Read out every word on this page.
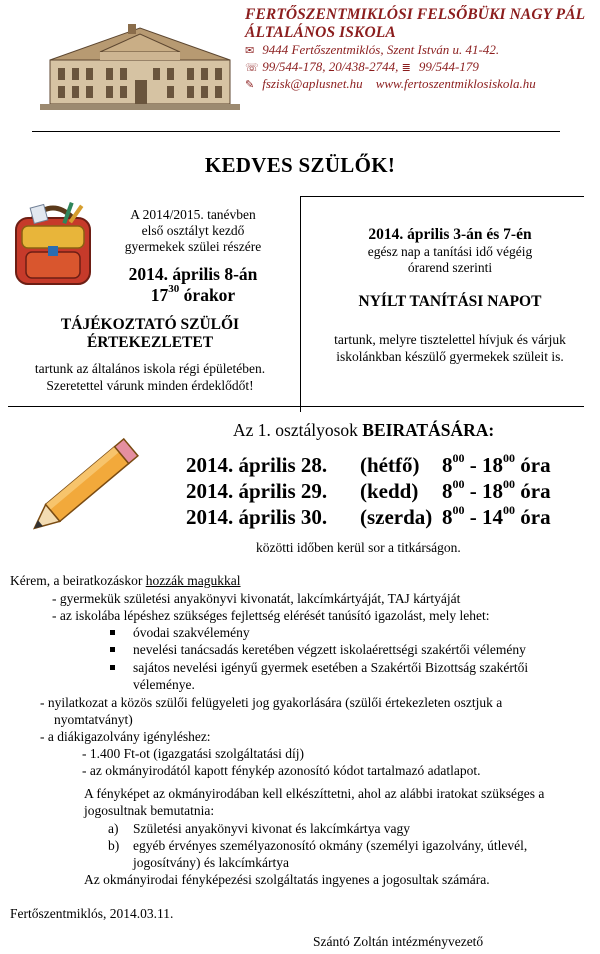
FERTŐSZENTMIKLÓSI FELSŐBÜKI NAGY PÁL
ÁLTALÁNOS ISKOLA
✉ 9444 Fertőszentmiklós, Szent István u. 41-42.
☏ 99/544-178, 20/438-2744, ≣ 99/544-179
✎ fszisk@aplusnet.hu www.fertoszentmiklosiskola.hu
KEDVES SZÜLŐK!
A 2014/2015. tanévben
első osztályt kezdő
gyermekek szülei részére
2014. április 8-án
$17^{30}$ órakor
TÁJÉKOZTATÓ SZÜLŐI
ÉRTEKEZLETET
tartunk az általános iskola régi épületében.
Szeretettel várunk minden érdeklődőt!
2014. április 3-án és 7-én
egész nap a tanítási idő végéig
órarend szerinti
NYÍLT TANÍTÁSI NAPOT
tartunk, melyre tisztelettel hívjuk és várjuk
iskolánkban készülő gyermekek szüleit is.
Az 1. osztályosok BEIRATÁSÁRA:
2014. április 28. (hétfő) $8^{00} - 18^{00}$ óra
2014. április 29. (kedd) $8^{00} - 18^{00}$ óra
2014. április 30. (szerda) $8^{00} - 14^{00}$ óra
közötti időben kerül sor a titkárságon.
Kérem, a beiratkozáskor hozzák magukkal
- gyermekük születési anyakönyvi kivonatát, lakcímkártyáját, TAJ kártyáját
- az iskolába lépéshez szükséges fejlettség elérését tanúsító igazolást, mely lehet:
óvodai szakvélemény
nevelési tanácsadás keretében végzett iskolaérettségi szakértői vélemény
sajátos nevelési igényű gyermek esetében a Szakértői Bizottság szakértői
véleménye.
- nyilatkozat a közös szülői felügyeleti jog gyakorlására (szülői értekezleten osztjuk a
nyomtatványt)
- a diákigazolvány igényléshez:
- 1.400 Ft-ot (igazgatási szolgáltatási díj)
- az okmányirodától kapott fénykép azonosító kódot tartalmazó adatlapot.
A fényképet az okmányirodában kell elkészíttetni, ahol az alábbi iratokat szükséges a
jogosultnak bemutatnia:
a) Születési anyakönyvi kivonat és lakcímkártya vagy
b) egyéb érvényes személyazonosító okmány (személyi igazolvány, útlevél,
jogosítvány) és lakcímkártya
Az okmányirodai fényképezési szolgáltatás ingyenes a jogosultak számára.
Fertőszentmiklós, 2014.03.11.
Szántó Zoltán intézményvezető
